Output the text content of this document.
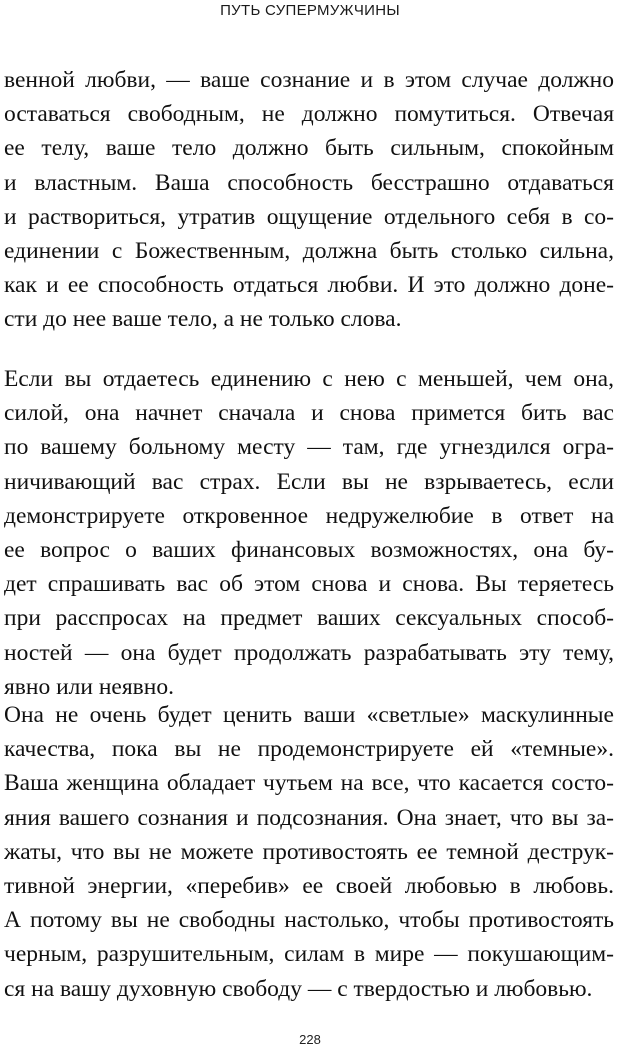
ПУТЬ СУПЕРМУЖЧИНЫ
венной любви, — ваше сознание и в этом случае должно
оставаться свободным, не должно помутиться. Отвечая
ее телу, ваше тело должно быть сильным, спокойным
и властным. Ваша способность бесстрашно отдаваться
и раствориться, утратив ощущение отдельного себя в со-
единении с Божественным, должна быть столько сильна,
как и ее способность отдаться любви. И это должно доне-
сти до нее ваше тело, а не только слова.
Если вы отдаетесь единению с нею с меньшей, чем она,
силой, она начнет сначала и снова примется бить вас
по вашему больному месту — там, где угнездился огра-
ничивающий вас страх. Если вы не взрываетесь, если
демонстрируете откровенное недружелюбие в ответ на
ее вопрос о ваших финансовых возможностях, она бу-
дет спрашивать вас об этом снова и снова. Вы теряетесь
при расспросах на предмет ваших сексуальных способ-
ностей — она будет продолжать разрабатывать эту тему,
явно или неявно.
Она не очень будет ценить ваши «светлые» маскулинные
качества, пока вы не продемонстрируете ей «темные».
Ваша женщина обладает чутьем на все, что касается состо-
яния вашего сознания и подсознания. Она знает, что вы за-
жаты, что вы не можете противостоять ее темной деструк-
тивной энергии, «перебив» ее своей любовью в любовь.
А потому вы не свободны настолько, чтобы противостоять
черным, разрушительным, силам в мире — покушающим-
ся на вашу духовную свободу — с твердостью и любовью.
228
